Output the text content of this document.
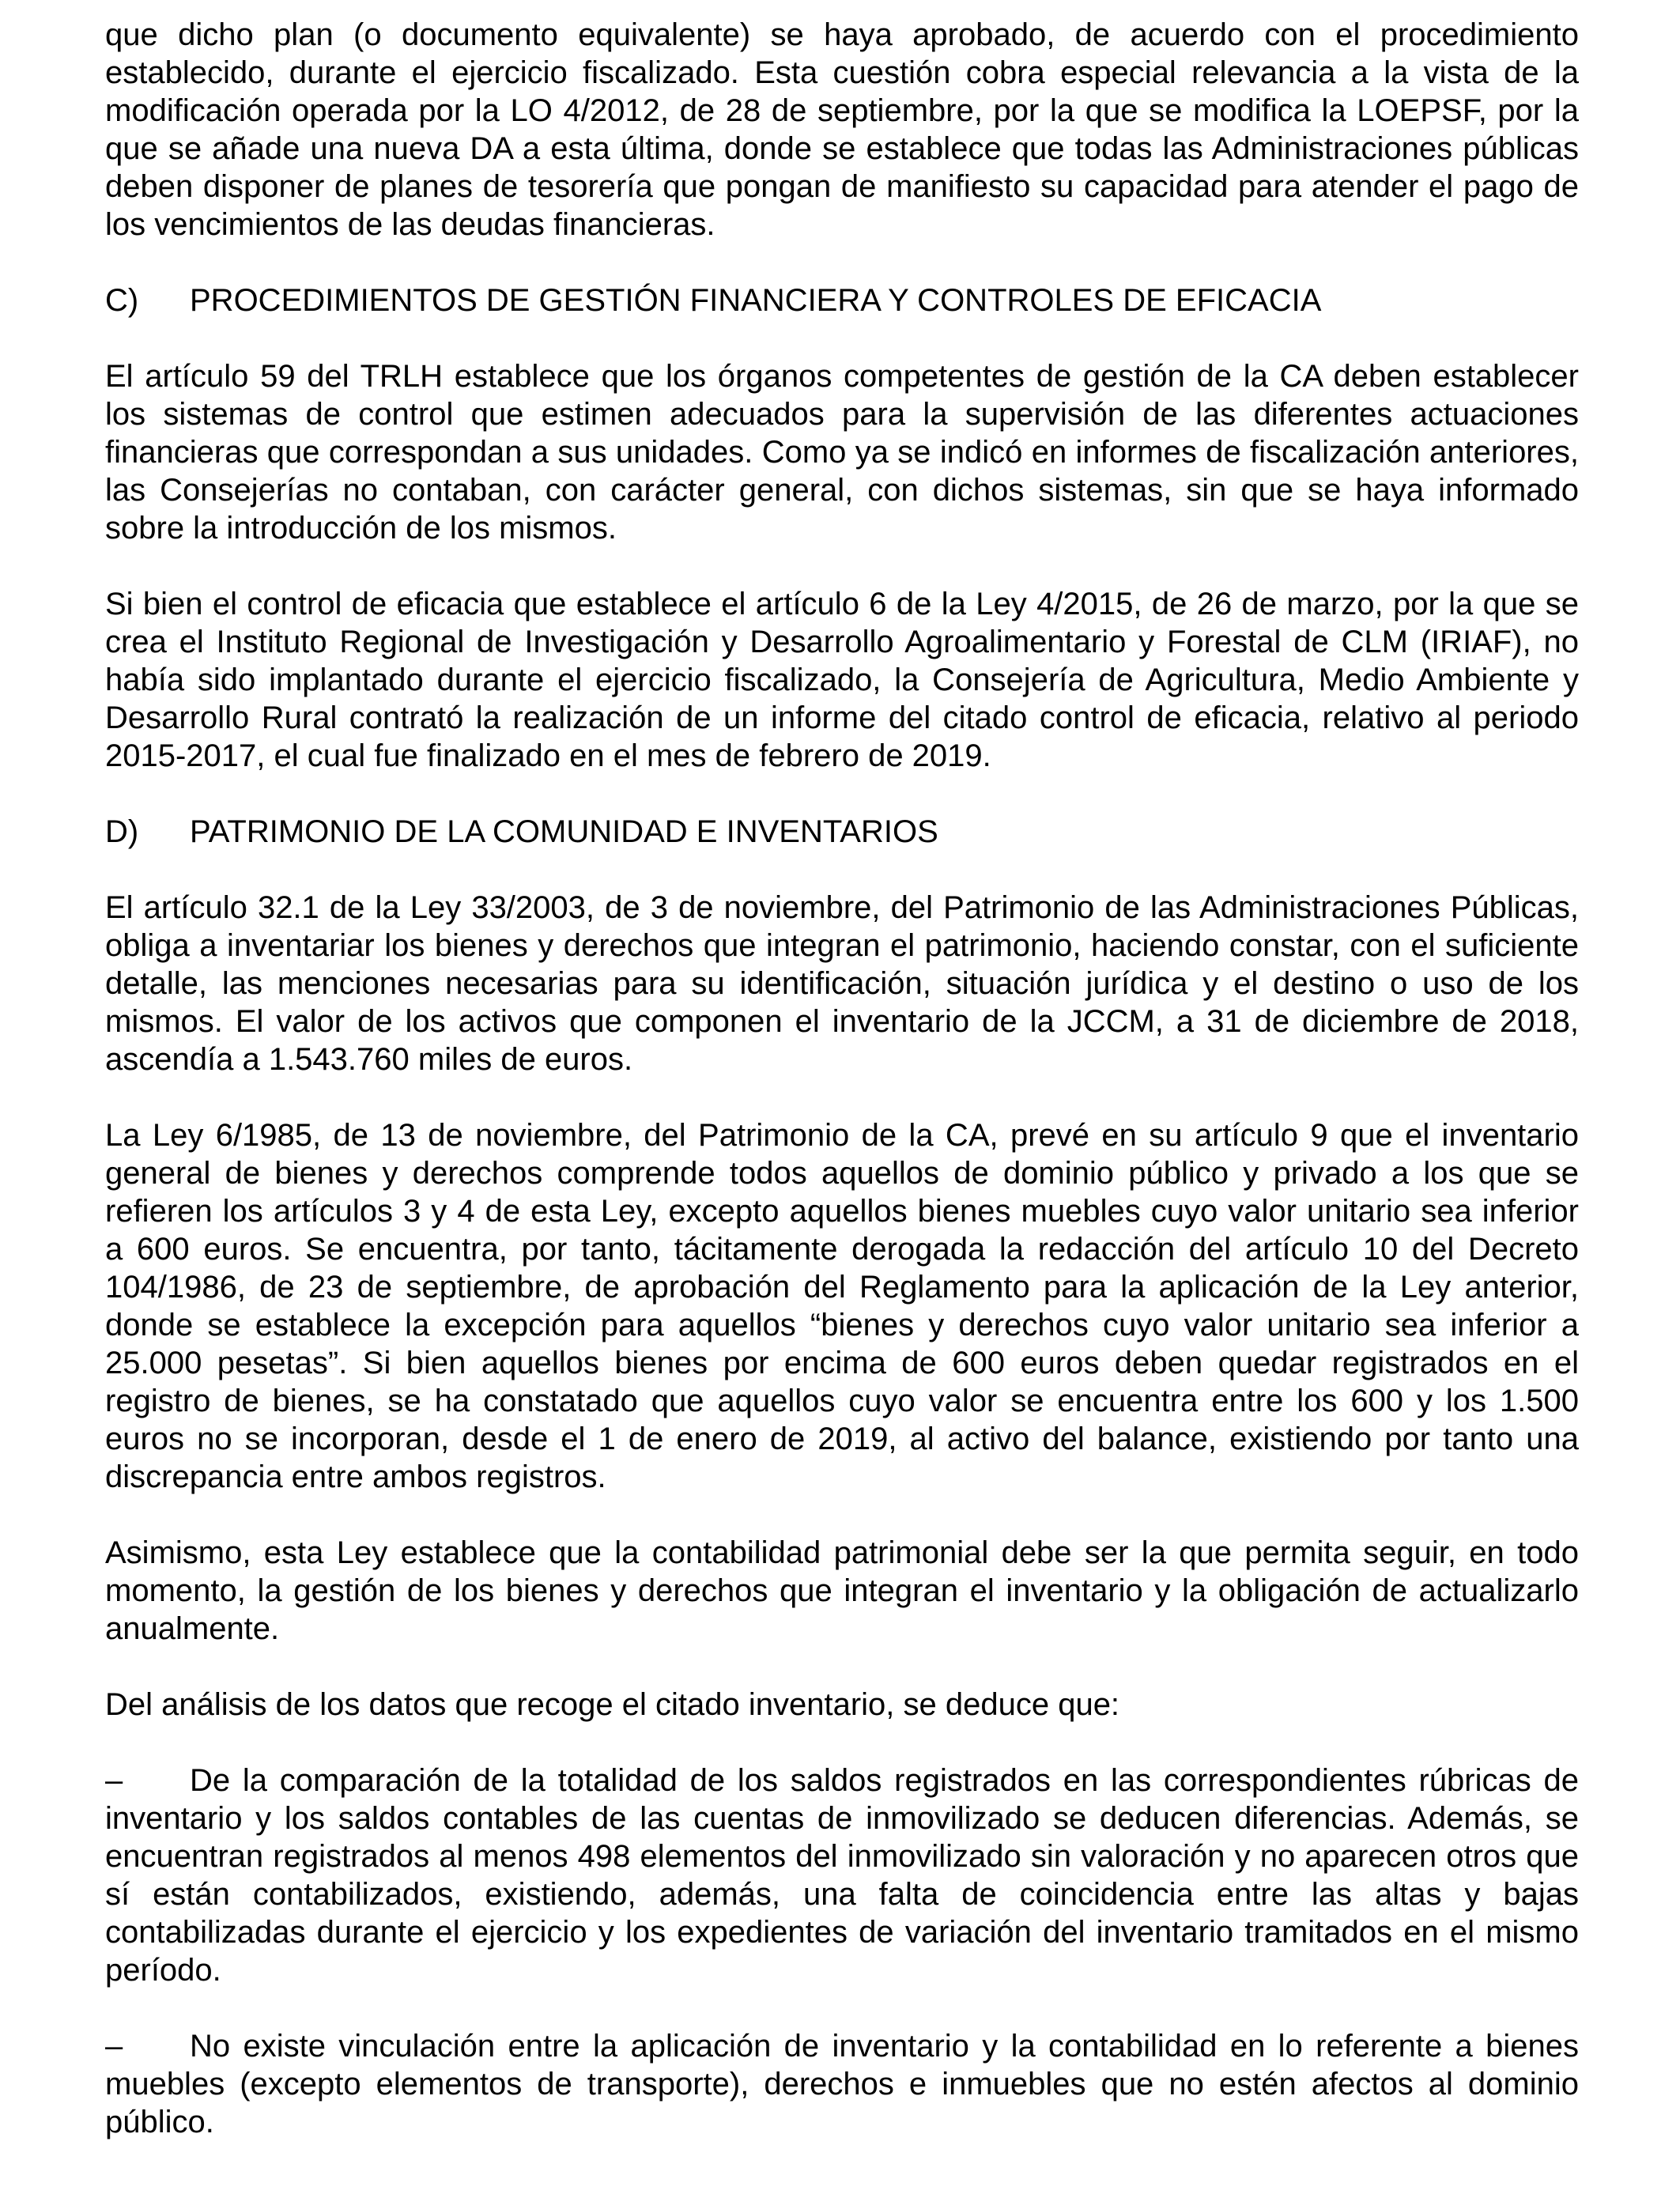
que dicho plan (o documento equivalente) se haya aprobado, de acuerdo con el procedimiento establecido, durante el ejercicio fiscalizado. Esta cuestión cobra especial relevancia a la vista de la modificación operada por la LO 4/2012, de 28 de septiembre, por la que se modifica la LOEPSF, por la que se añade una nueva DA a esta última, donde se establece que todas las Administraciones públicas deben disponer de planes de tesorería que pongan de manifiesto su capacidad para atender el pago de los vencimientos de las deudas financieras.

C) PROCEDIMIENTOS DE GESTIÓN FINANCIERA Y CONTROLES DE EFICACIA

El artículo 59 del TRLH establece que los órganos competentes de gestión de la CA deben establecer los sistemas de control que estimen adecuados para la supervisión de las diferentes actuaciones financieras que correspondan a sus unidades. Como ya se indicó en informes de fiscalización anteriores, las Consejerías no contaban, con carácter general, con dichos sistemas, sin que se haya informado sobre la introducción de los mismos.

Si bien el control de eficacia que establece el artículo 6 de la Ley 4/2015, de 26 de marzo, por la que se crea el Instituto Regional de Investigación y Desarrollo Agroalimentario y Forestal de CLM (IRIAF), no había sido implantado durante el ejercicio fiscalizado, la Consejería de Agricultura, Medio Ambiente y Desarrollo Rural contrató la realización de un informe del citado control de eficacia, relativo al periodo 2015-2017, el cual fue finalizado en el mes de febrero de 2019.

D) PATRIMONIO DE LA COMUNIDAD E INVENTARIOS

El artículo 32.1 de la Ley 33/2003, de 3 de noviembre, del Patrimonio de las Administraciones Públicas, obliga a inventariar los bienes y derechos que integran el patrimonio, haciendo constar, con el suficiente detalle, las menciones necesarias para su identificación, situación jurídica y el destino o uso de los mismos. El valor de los activos que componen el inventario de la JCCM, a 31 de diciembre de 2018, ascendía a 1.543.760 miles de euros.

La Ley 6/1985, de 13 de noviembre, del Patrimonio de la CA, prevé en su artículo 9 que el inventario general de bienes y derechos comprende todos aquellos de dominio público y privado a los que se refieren los artículos 3 y 4 de esta Ley, excepto aquellos bienes muebles cuyo valor unitario sea inferior a 600 euros. Se encuentra, por tanto, tácitamente derogada la redacción del artículo 10 del Decreto 104/1986, de 23 de septiembre, de aprobación del Reglamento para la aplicación de la Ley anterior, donde se establece la excepción para aquellos “bienes y derechos cuyo valor unitario sea inferior a 25.000 pesetas”. Si bien aquellos bienes por encima de 600 euros deben quedar registrados en el registro de bienes, se ha constatado que aquellos cuyo valor se encuentra entre los 600 y los 1.500 euros no se incorporan, desde el 1 de enero de 2019, al activo del balance, existiendo por tanto una discrepancia entre ambos registros.

Asimismo, esta Ley establece que la contabilidad patrimonial debe ser la que permita seguir, en todo momento, la gestión de los bienes y derechos que integran el inventario y la obligación de actualizarlo anualmente.

Del análisis de los datos que recoge el citado inventario, se deduce que:

– De la comparación de la totalidad de los saldos registrados en las correspondientes rúbricas de inventario y los saldos contables de las cuentas de inmovilizado se deducen diferencias. Además, se encuentran registrados al menos 498 elementos del inmovilizado sin valoración y no aparecen otros que sí están contabilizados, existiendo, además, una falta de coincidencia entre las altas y bajas contabilizadas durante el ejercicio y los expedientes de variación del inventario tramitados en el mismo período.

– No existe vinculación entre la aplicación de inventario y la contabilidad en lo referente a bienes muebles (excepto elementos de transporte), derechos e inmuebles que no estén afectos al dominio público.
